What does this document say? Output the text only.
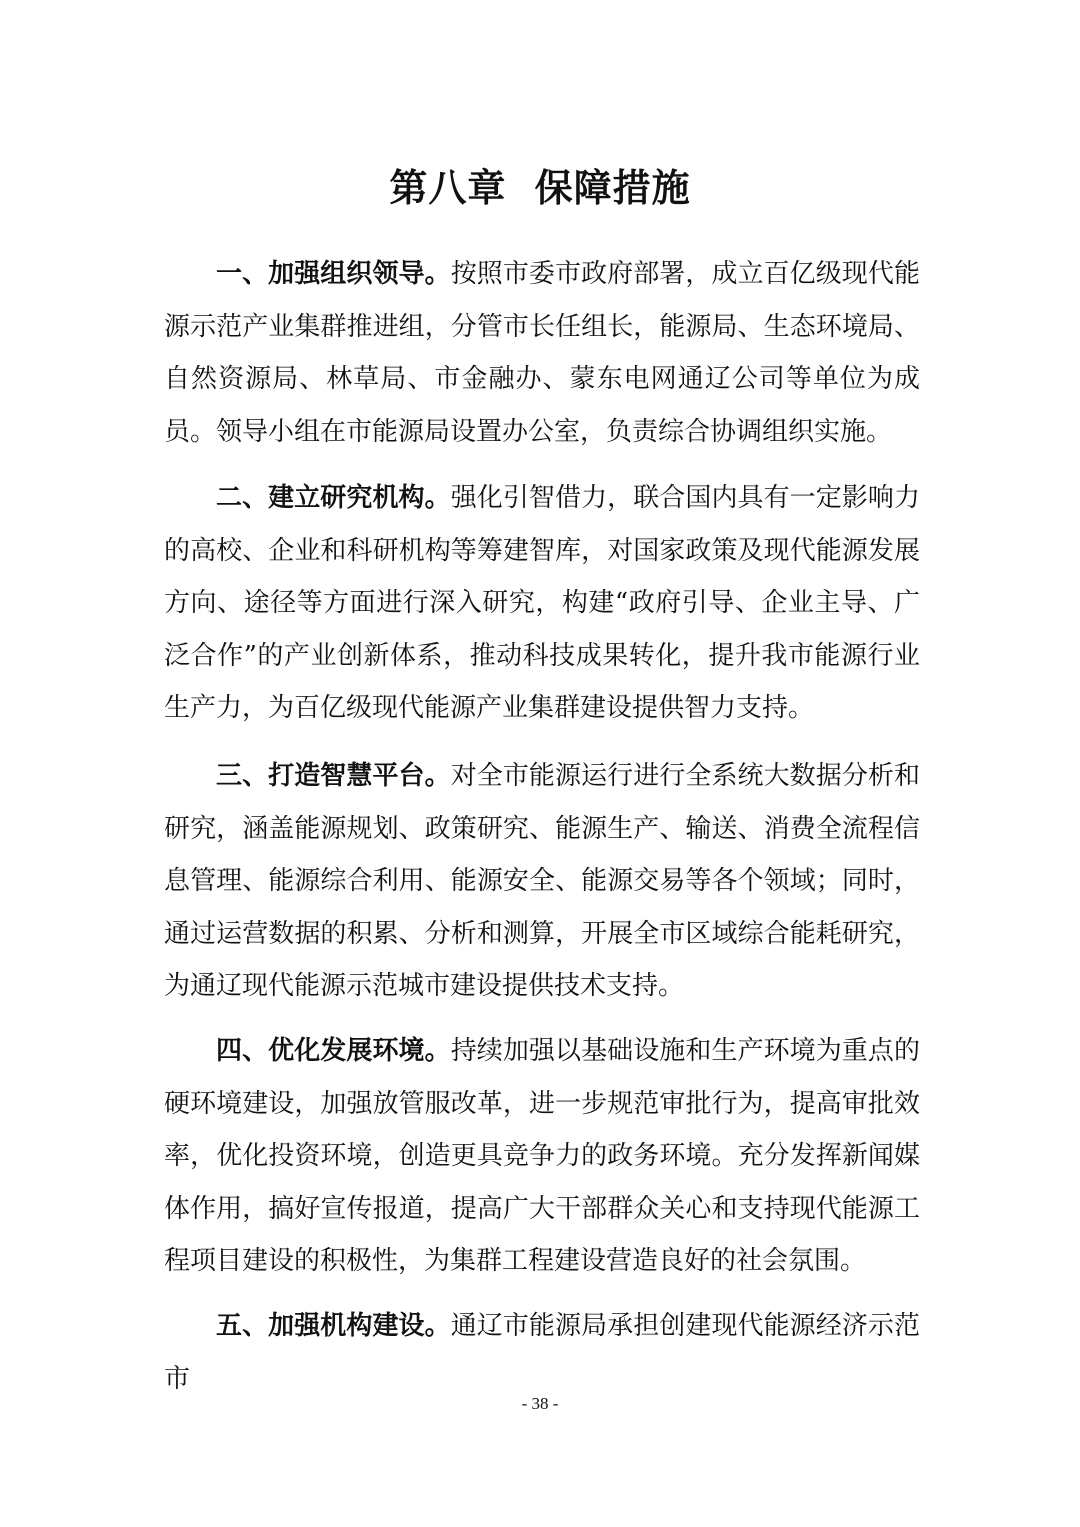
第八章 保障措施

一、加强组织领导。按照市委市政府部署，成立百亿级现代能源示范产业集群推进组，分管市长任组长，能源局、生态环境局、自然资源局、林草局、市金融办、蒙东电网通辽公司等单位为成员。领导小组在市能源局设置办公室，负责综合协调组织实施。

二、建立研究机构。强化引智借力，联合国内具有一定影响力的高校、企业和科研机构等筹建智库，对国家政策及现代能源发展方向、途径等方面进行深入研究，构建“政府引导、企业主导、广泛合作”的产业创新体系，推动科技成果转化，提升我市能源行业生产力，为百亿级现代能源产业集群建设提供智力支持。

三、打造智慧平台。对全市能源运行进行全系统大数据分析和研究，涵盖能源规划、政策研究、能源生产、输送、消费全流程信息管理、能源综合利用、能源安全、能源交易等各个领域；同时，通过运营数据的积累、分析和测算，开展全市区域综合能耗研究，为通辽现代能源示范城市建设提供技术支持。

四、优化发展环境。持续加强以基础设施和生产环境为重点的硬环境建设，加强放管服改革，进一步规范审批行为，提高审批效率，优化投资环境，创造更具竞争力的政务环境。充分发挥新闻媒体作用，搞好宣传报道，提高广大干部群众关心和支持现代能源工程项目建设的积极性，为集群工程建设营造良好的社会氛围。

五、加强机构建设。通辽市能源局承担创建现代能源经济示范市

- 38 -
